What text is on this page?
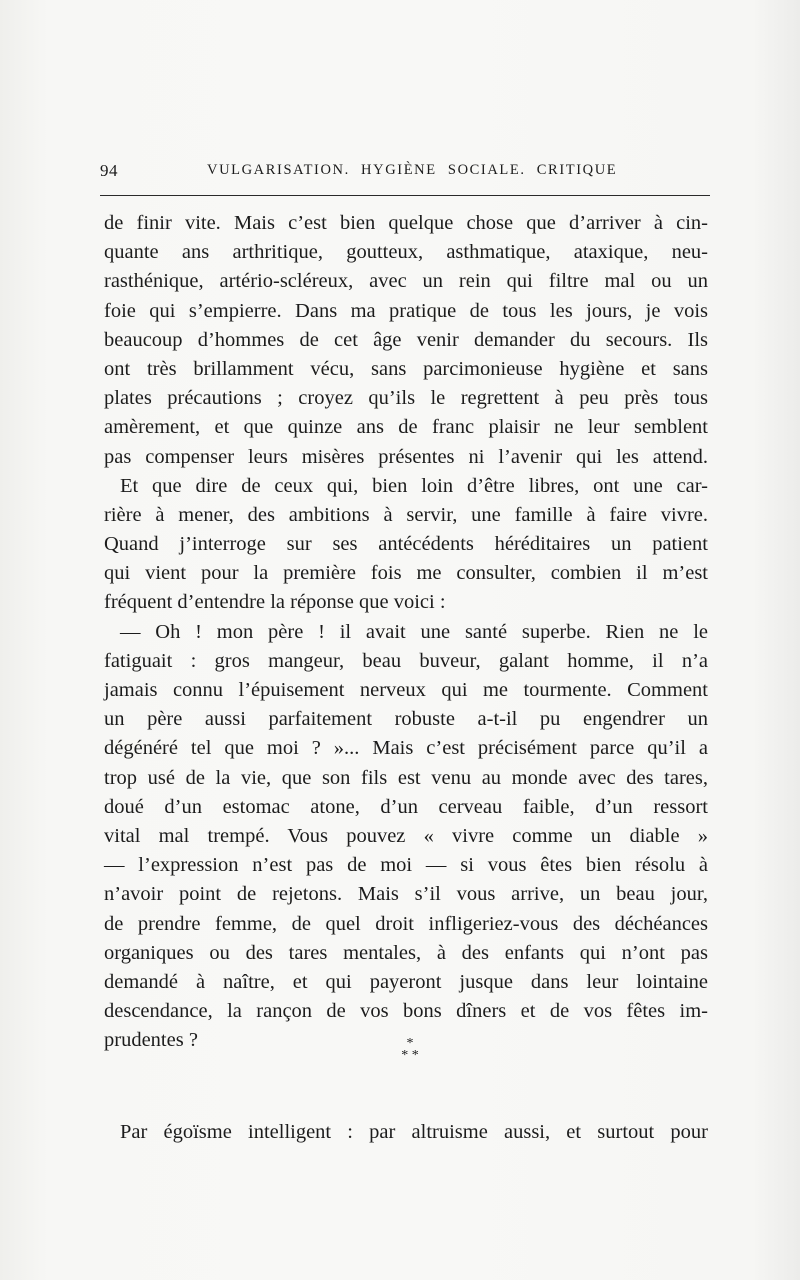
94	VULGARISATION. HYGIÈNE SOCIALE. CRITIQUE
de finir vite. Mais c’est bien quelque chose que d’arriver à cin-
quante ans arthritique, goutteux, asthmatique, ataxique, neu-
rasthénique, artério-scléreux, avec un rein qui filtre mal ou un
foie qui s’empierre. Dans ma pratique de tous les jours, je vois
beaucoup d’hommes de cet âge venir demander du secours. Ils
ont très brillamment vécu, sans parcimonieuse hygiène et sans
plates précautions ; croyez qu’ils le regrettent à peu près tous
amèrement, et que quinze ans de franc plaisir ne leur semblent
pas compenser leurs misères présentes ni l’avenir qui les attend.
Et que dire de ceux qui, bien loin d’être libres, ont une car-
rière à mener, des ambitions à servir, une famille à faire vivre.
Quand j’interroge sur ses antécédents héréditaires un patient
qui vient pour la première fois me consulter, combien il m’est
fréquent d’entendre la réponse que voici :
— Oh ! mon père ! il avait une santé superbe. Rien ne le
fatiguait : gros mangeur, beau buveur, galant homme, il n’a
jamais connu l’épuisement nerveux qui me tourmente. Comment
un père aussi parfaitement robuste a-t-il pu engendrer un
dégénéré tel que moi ? »... Mais c’est précisément parce qu’il a
trop usé de la vie, que son fils est venu au monde avec des tares,
doué d’un estomac atone, d’un cerveau faible, d’un ressort
vital mal trempé. Vous pouvez « vivre comme un diable »
— l’expression n’est pas de moi — si vous êtes bien résolu à
n’avoir point de rejetons. Mais s’il vous arrive, un beau jour,
de prendre femme, de quel droit infligeriez-vous des déchéances
organiques ou des tares mentales, à des enfants qui n’ont pas
demandé à naître, et qui payeront jusque dans leur lointaine
descendance, la rançon de vos bons dîners et de vos fêtes im-
prudentes ?	*
* *
Par égoïsme intelligent : par altruisme aussi, et surtout pour
